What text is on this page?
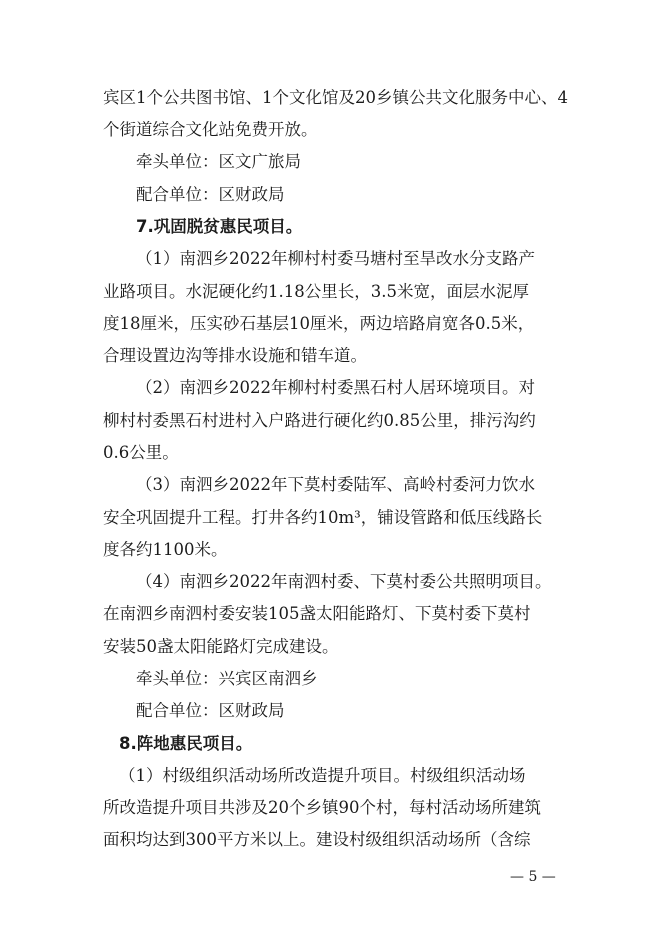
宾区1个公共图书馆、1个文化馆及20乡镇公共文化服务中心、4
个街道综合文化站免费开放。
牵头单位：区文广旅局
配合单位：区财政局
7.巩固脱贫惠民项目。
（1）南泗乡2022年柳村村委马塘村至旱改水分支路产
业路项目。水泥硬化约1.18公里长，3.5米宽，面层水泥厚
度18厘米，压实砂石基层10厘米，两边培路肩宽各0.5米，
合理设置边沟等排水设施和错车道。
（2）南泗乡2022年柳村村委黑石村人居环境项目。对
柳村村委黑石村进村入户路进行硬化约0.85公里，排污沟约
0.6公里。
（3）南泗乡2022年下莫村委陆军、高岭村委河力饮水
安全巩固提升工程。打井各约10m³，铺设管路和低压线路长
度各约1100米。
（4）南泗乡2022年南泗村委、下莫村委公共照明项目。
在南泗乡南泗村委安装105盏太阳能路灯、下莫村委下莫村
安装50盏太阳能路灯完成建设。
牵头单位：兴宾区南泗乡
配合单位：区财政局
8.阵地惠民项目。
（1）村级组织活动场所改造提升项目。村级组织活动场
所改造提升项目共涉及20个乡镇90个村，每村活动场所建筑
面积均达到300平方米以上。建设村级组织活动场所（含综
— 5 —
